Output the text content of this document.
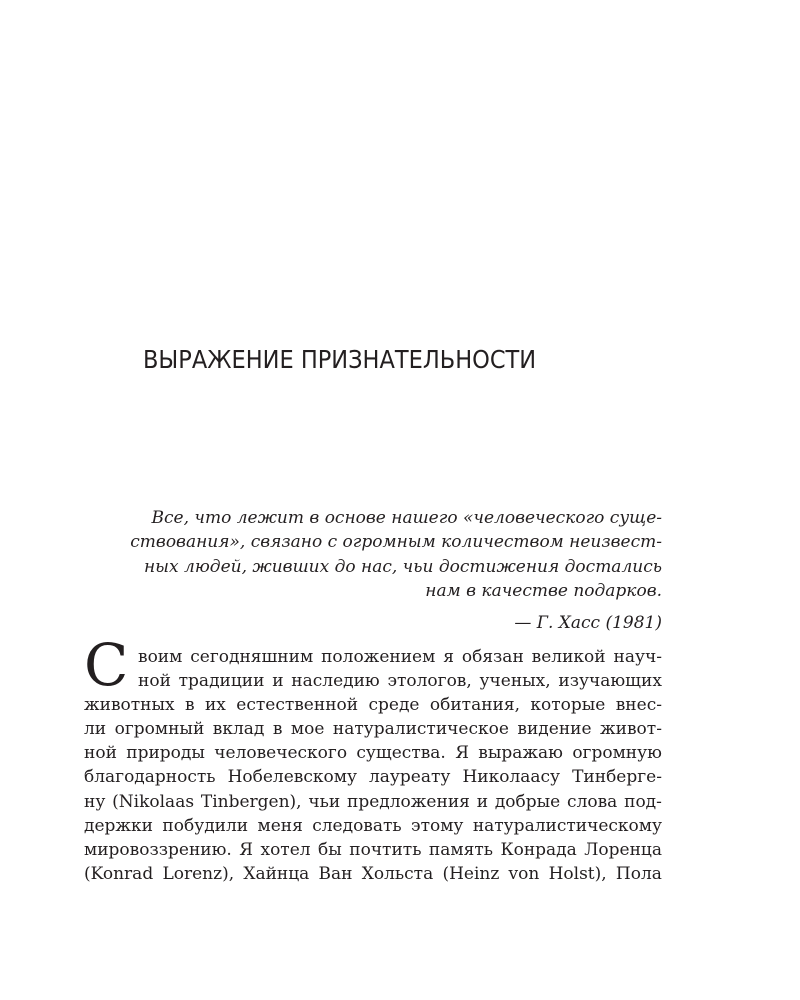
ВЫРАЖЕНИЕ ПРИЗНАТЕЛЬНОСТИ
Все, что лежит в основе нашего «человеческого суще-
ствования», связано с огромным количеством неизвест-
ных людей, живших до нас, чьи достижения достались
нам в качестве подарков.
— Г. Хасс (1981)
С воим сегодняшним положением я обязан великой науч-
ной традиции и наследию этологов, ученых, изучающих
животных в их естественной среде обитания, которые внес-
ли огромный вклад в мое натуралистическое видение живот-
ной природы человеческого существа. Я выражаю огромную
благодарность Нобелевскому лауреату Николаасу Тинберге-
ну (Nikolaas Tinbergen), чьи предложения и добрые слова под-
держки побудили меня следовать этому натуралистическому
мировоззрению. Я хотел бы почтить память Конрада Лоренца
(Konrad Lorenz), Хайнца Ван Хольста (Heinz von Holst), Пола
